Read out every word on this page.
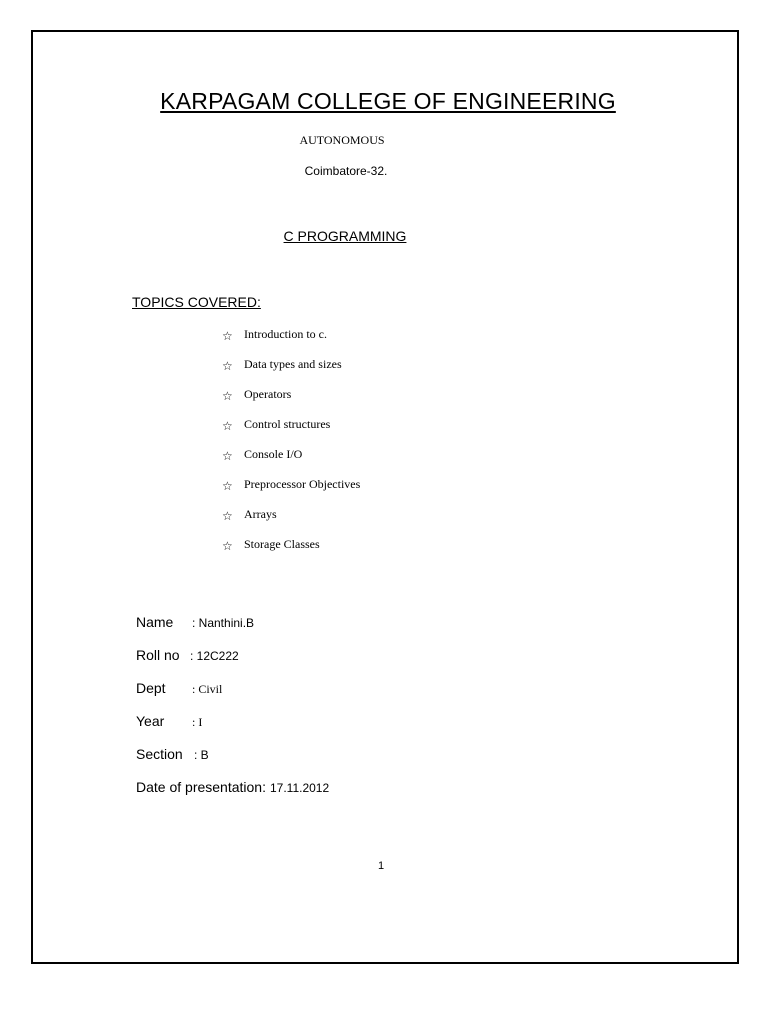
KARPAGAM COLLEGE OF ENGINEERING
AUTONOMOUS
Coimbatore-32.
C PROGRAMMING
TOPICS COVERED:
☆ Introduction to c.
☆ Data types and sizes
☆ Operators
☆ Control structures
☆ Console I/O
☆ Preprocessor Objectives
☆ Arrays
☆ Storage Classes
Name	: Nanthini.B
Roll no : 12C222
Dept	: Civil
Year	: I
Section : B
Date of presentation: 17.11.2012
1
